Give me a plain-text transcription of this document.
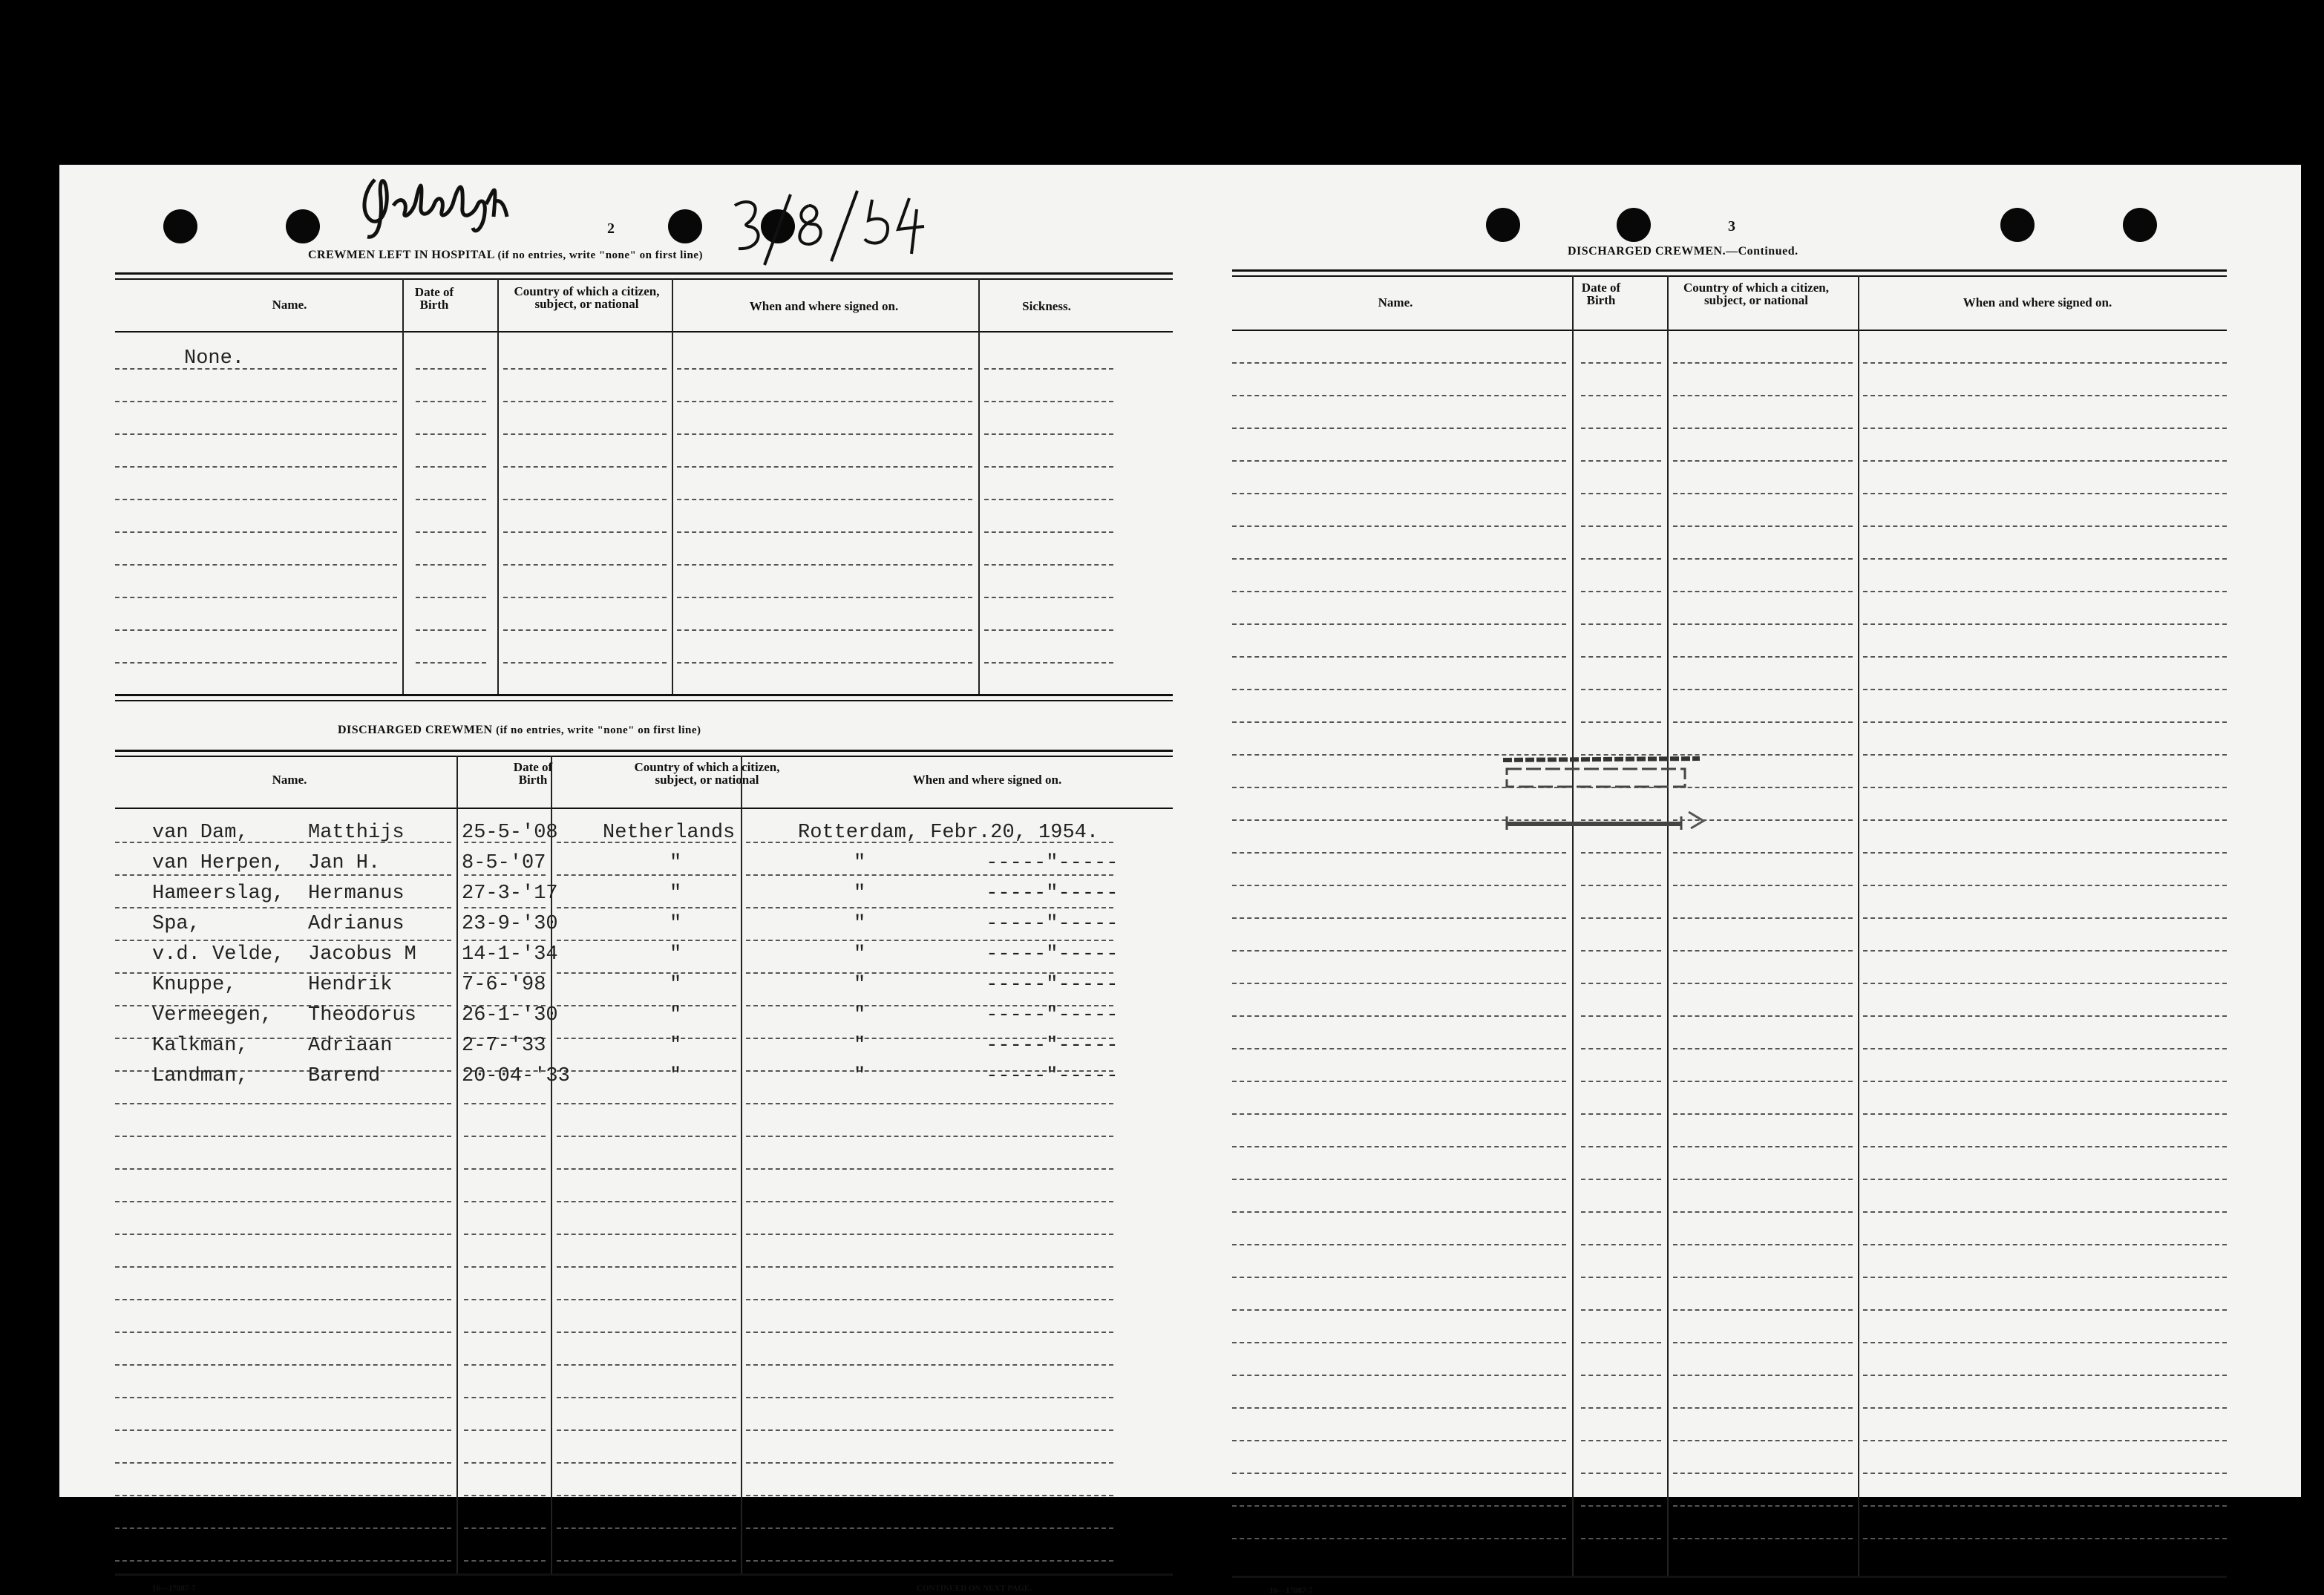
2
CREWMEN LEFT IN HOSPITAL (if no entries, write "none" on first line)
Name.
Date of Birth
Country of which a citizen, subject, or national	When and where signed on.	Sickness.
None.
DISCHARGED CREWMEN (if no entries, write "none" on first line)
Name.
Date of Birth
Country of which a citizen, subject, or national	When and where signed on.
16—17887-7	CONTINUED ON NEXT PAGE.
van Dam,	Matthijs	25-5-'08 Netherlands	Rotterdam, Febr.20, 1954.
van Herpen, Jan H.	8-5-'07	"	"          -----"-----
Hameerslag, Hermanus	27-3-'17	"	"          -----"-----
Spa,	Adrianus	23-9-'30	"	"          -----"-----
v.d. Velde, Jacobus M 14-1-'34	"	"          -----"-----
Knuppe,	Hendrik	7-6-'98	"	"          -----"-----
Vermeegen, Theodorus 26-1-'30	"	"          -----"-----
Kalkman,	Adriaan	2-7-'33	"	"          -----"-----
Landman,	Barend	20-04-'33	"	"          -----"-----
3
DISCHARGED CREWMEN.—Continued.
Name.
Date of Birth
Country of which a citizen, subject, or national	When and where signed on.
16—17887-7
